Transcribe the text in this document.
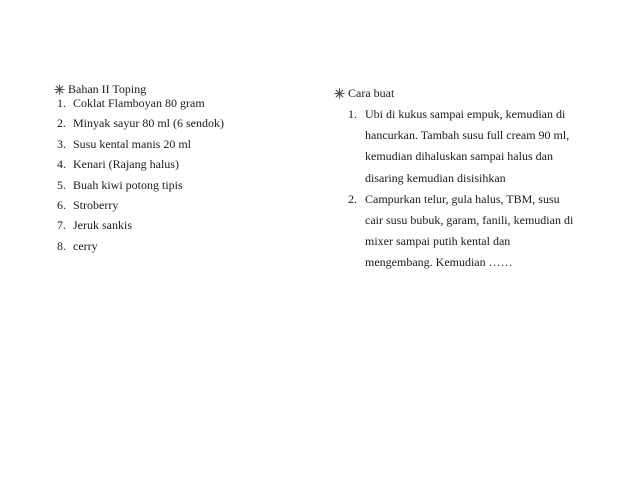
Bahan II Toping
1. Coklat Flamboyan 80 gram
2. Minyak sayur 80 ml (6 sendok)
3. Susu kental manis 20 ml
4. Kenari (Rajang halus)
5. Buah kiwi potong tipis
6. Stroberry
7. Jeruk sankis
8. cerry
Cara buat
1. Ubi di kukus sampai empuk, kemudian di
hancurkan. Tambah susu full cream 90 ml,
kemudian dihaluskan sampai halus dan
disaring kemudian disisihkan
2. Campurkan telur, gula halus, TBM, susu
cair susu bubuk, garam, fanili, kemudian di
mixer sampai putih kental dan
mengembang. Kemudian ……
